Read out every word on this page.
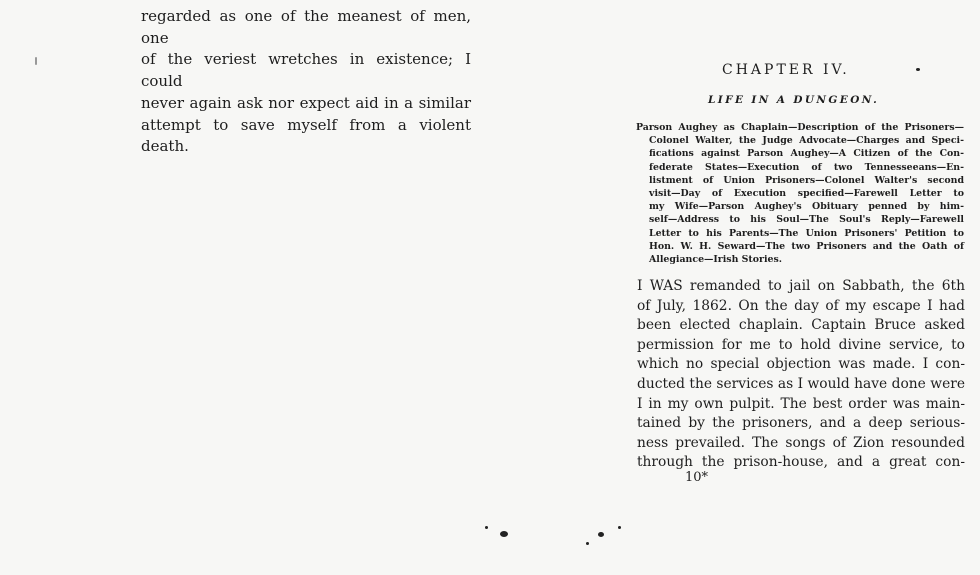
regarded as one of the meanest of men, one
of the veriest wretches in existence; I could
never again ask nor expect aid in a similar
attempt to save myself from a violent death.
CHAPTER IV.
LIFE IN A DUNGEON.
Parson Aughey as Chaplain—Description of the Prisoners—
Colonel Walter, the Judge Advocate—Charges and Speci-
fications against Parson Aughey—A Citizen of the Con-
federate States—Execution of two Tennesseeans—En-
listment of Union Prisoners—Colonel Walter's second
visit—Day of Execution specified—Farewell Letter to
my Wife—Parson Aughey's Obituary penned by him-
self—Address to his Soul—The Soul's Reply—Farewell
Letter to his Parents—The Union Prisoners' Petition to
Hon. W. H. Seward—The two Prisoners and the Oath of
Allegiance—Irish Stories.
I WAS remanded to jail on Sabbath, the 6th
of July, 1862. On the day of my escape I had
been elected chaplain. Captain Bruce asked
permission for me to hold divine service, to
which no special objection was made. I con-
ducted the services as I would have done were
I in my own pulpit. The best order was main-
tained by the prisoners, and a deep serious-
ness prevailed. The songs of Zion resounded
through the prison-house, and a great con-
10*
